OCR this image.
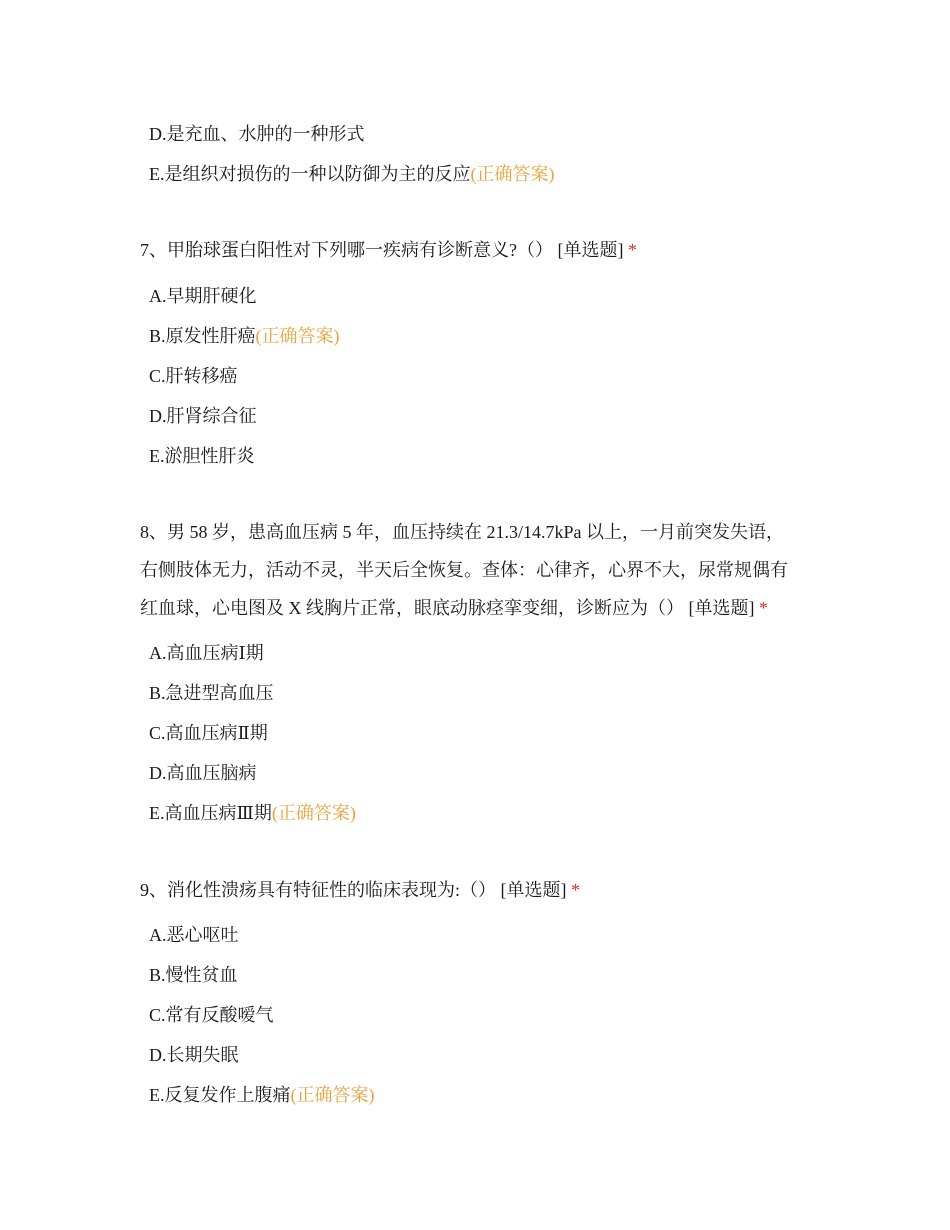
D.是充血、水肿的一种形式
E.是组织对损伤的一种以防御为主的反应(正确答案)
7、甲胎球蛋白阳性对下列哪一疾病有诊断意义?（） [单选题] *
A.早期肝硬化
B.原发性肝癌(正确答案)
C.肝转移癌
D.肝肾综合征
E.淤胆性肝炎
8、男 58 岁，患高血压病 5 年，血压持续在 21.3/14.7kPa 以上，一月前突发失语，
右侧肢体无力，活动不灵，半天后全恢复。查体：心律齐，心界不大，尿常规偶有
红血球，心电图及 X 线胸片正常，眼底动脉痉挛变细，诊断应为（） [单选题] *
A.高血压病Ⅰ期
B.急进型高血压
C.高血压病Ⅱ期
D.高血压脑病
E.高血压病Ⅲ期(正确答案)
9、消化性溃疡具有特征性的临床表现为:（） [单选题] *
A.恶心呕吐
B.慢性贫血
C.常有反酸嗳气
D.长期失眠
E.反复发作上腹痛(正确答案)
